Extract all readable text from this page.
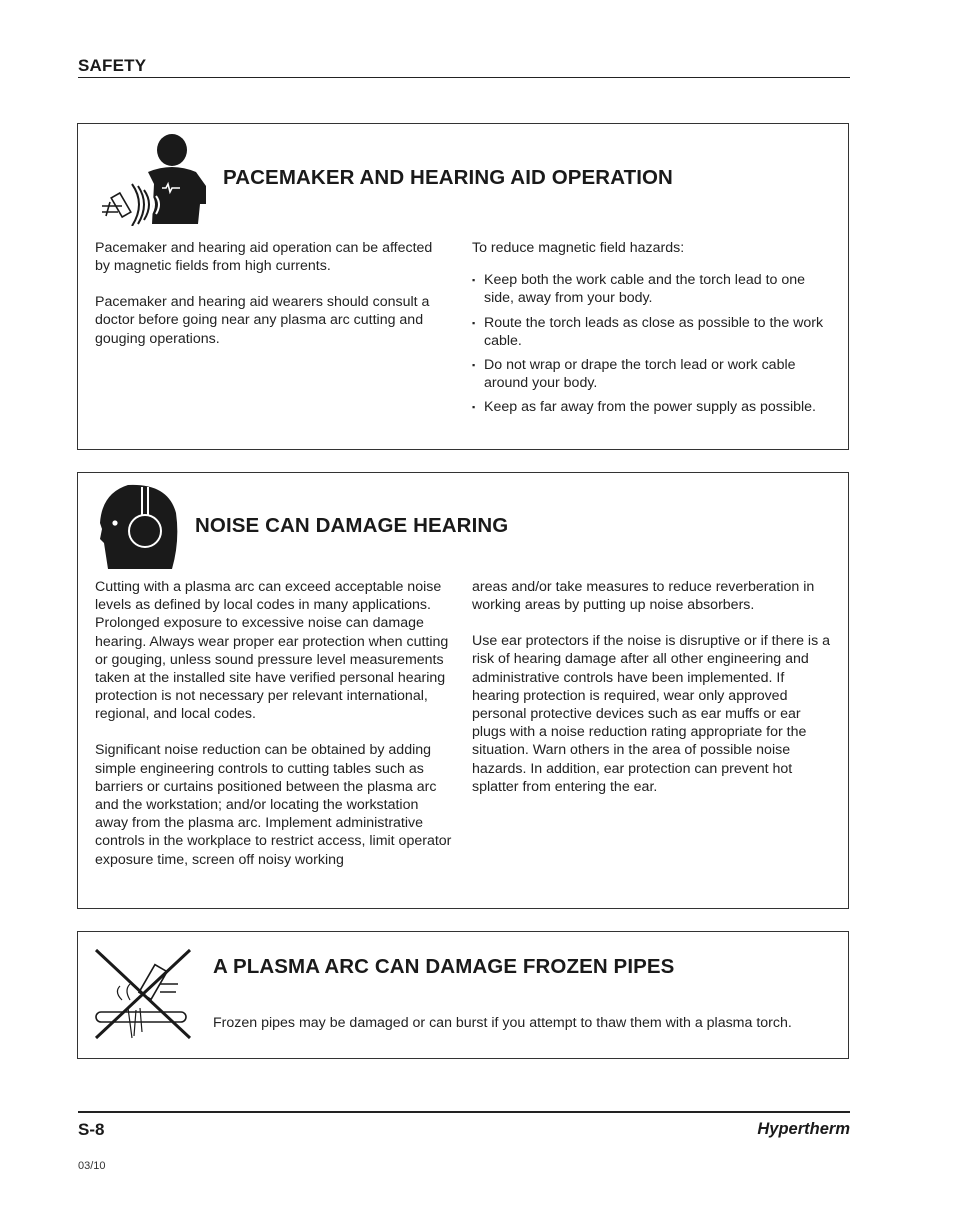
SAFETY
PACEMAKER AND HEARING AID OPERATION

Pacemaker and hearing aid operation can be affected by magnetic fields from high currents.

Pacemaker and hearing aid wearers should consult a doctor before going near any plasma arc cutting and gouging operations.

To reduce magnetic field hazards:

▪ Keep both the work cable and the torch lead to one side, away from your body.
▪ Route the torch leads as close as possible to the work cable.
▪ Do not wrap or drape the torch lead or work cable around your body.
▪ Keep as far away from the power supply as possible.
NOISE CAN DAMAGE HEARING

Cutting with a plasma arc can exceed acceptable noise levels as defined by local codes in many applications. Prolonged exposure to excessive noise can damage hearing. Always wear proper ear protection when cutting or gouging, unless sound pressure level measurements taken at the installed site have verified personal hearing protection is not necessary per relevant international, regional, and local codes.

Significant noise reduction can be obtained by adding simple engineering controls to cutting tables such as barriers or curtains positioned between the plasma arc and the workstation; and/or locating the workstation away from the plasma arc. Implement administrative controls in the workplace to restrict access, limit operator exposure time, screen off noisy working

areas and/or take measures to reduce reverberation in working areas by putting up noise absorbers.

Use ear protectors if the noise is disruptive or if there is a risk of hearing damage after all other engineering and administrative controls have been implemented. If hearing protection is required, wear only approved personal protective devices such as ear muffs or ear plugs with a noise reduction rating appropriate for the situation. Warn others in the area of possible noise hazards. In addition, ear protection can prevent hot splatter from entering the ear.

A PLASMA ARC CAN DAMAGE FROZEN PIPES
Frozen pipes may be damaged or can burst if you attempt to thaw them with a plasma torch.
S-8	Hypertherm
03/10
